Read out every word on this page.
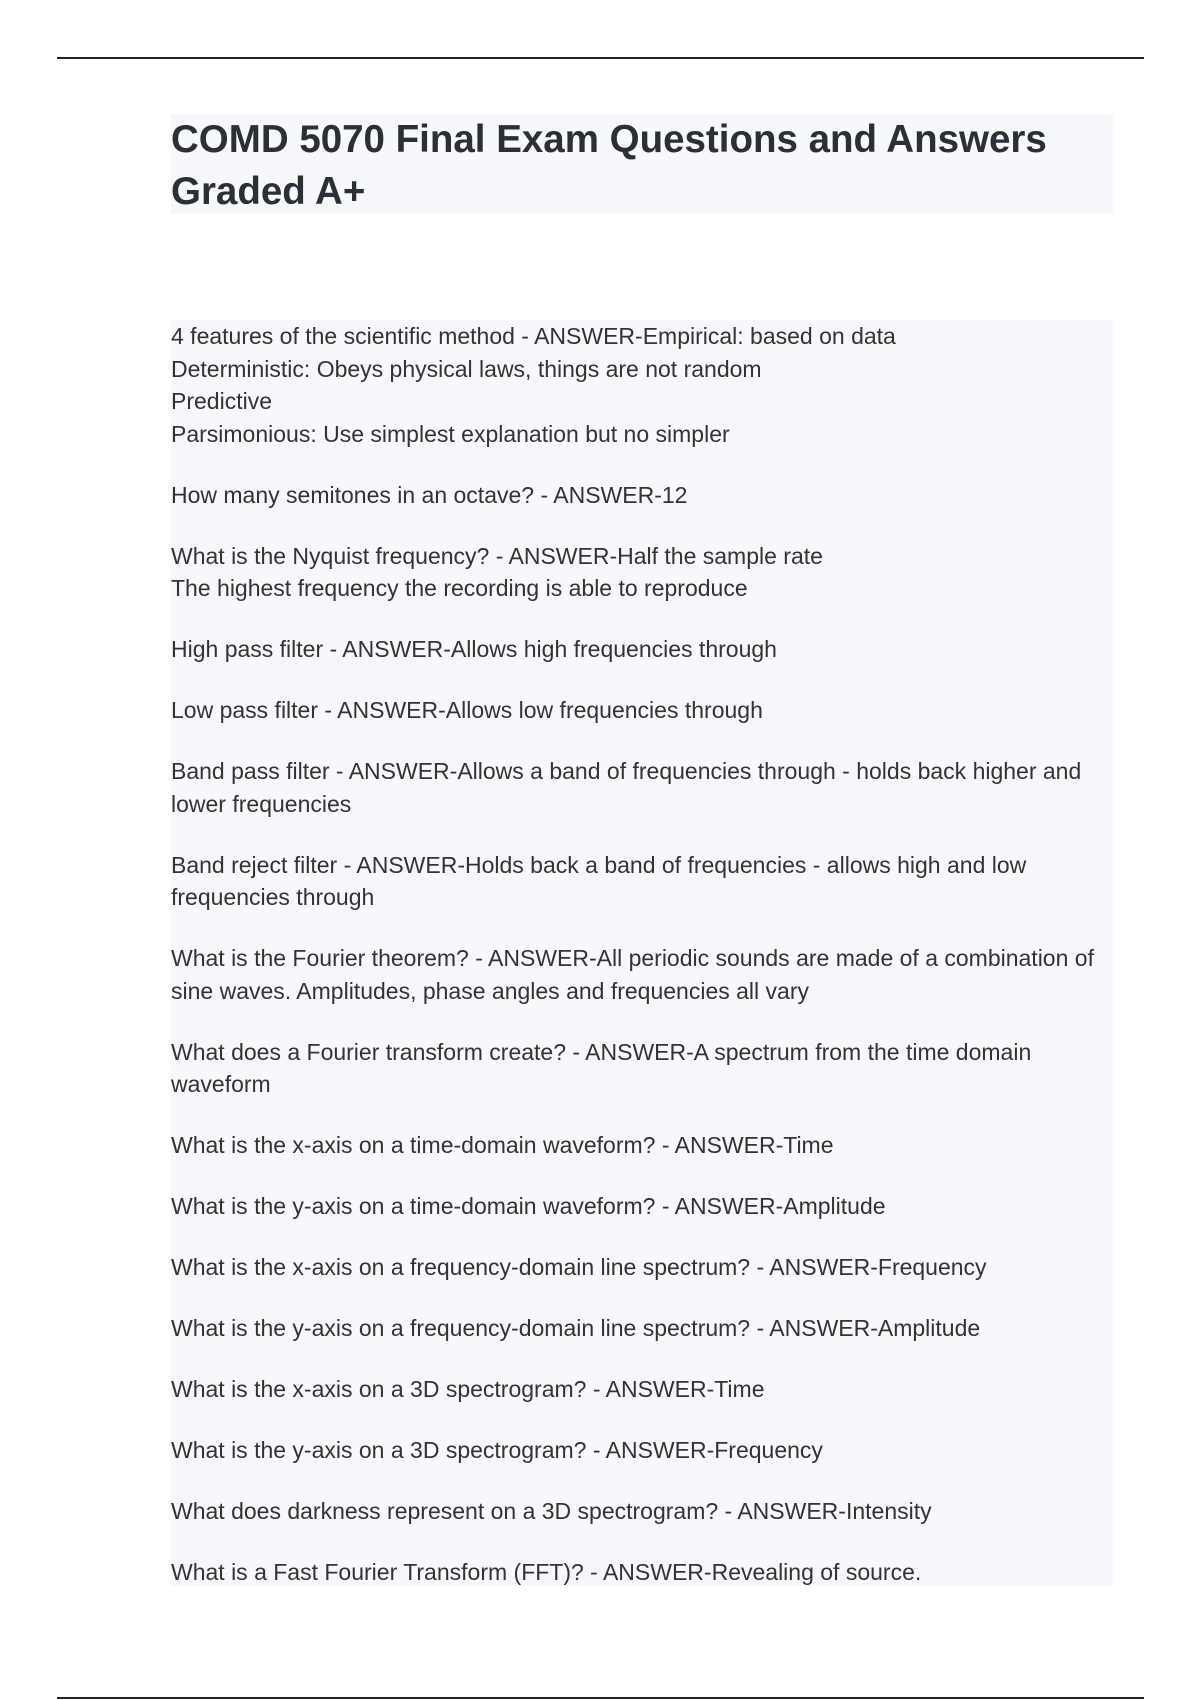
COMD 5070 Final Exam Questions and Answers Graded A+
4 features of the scientific method - ANSWER-Empirical: based on data
Deterministic: Obeys physical laws, things are not random
Predictive
Parsimonious: Use simplest explanation but no simpler
How many semitones in an octave? - ANSWER-12
What is the Nyquist frequency? - ANSWER-Half the sample rate
The highest frequency the recording is able to reproduce
High pass filter - ANSWER-Allows high frequencies through
Low pass filter - ANSWER-Allows low frequencies through
Band pass filter - ANSWER-Allows a band of frequencies through - holds back higher and lower frequencies
Band reject filter - ANSWER-Holds back a band of frequencies - allows high and low frequencies through
What is the Fourier theorem? - ANSWER-All periodic sounds are made of a combination of sine waves. Amplitudes, phase angles and frequencies all vary
What does a Fourier transform create? - ANSWER-A spectrum from the time domain waveform
What is the x-axis on a time-domain waveform? - ANSWER-Time
What is the y-axis on a time-domain waveform? - ANSWER-Amplitude
What is the x-axis on a frequency-domain line spectrum? - ANSWER-Frequency
What is the y-axis on a frequency-domain line spectrum? - ANSWER-Amplitude
What is the x-axis on a 3D spectrogram? - ANSWER-Time
What is the y-axis on a 3D spectrogram? - ANSWER-Frequency
What does darkness represent on a 3D spectrogram? - ANSWER-Intensity
What is a Fast Fourier Transform (FFT)? - ANSWER-Revealing of source.
